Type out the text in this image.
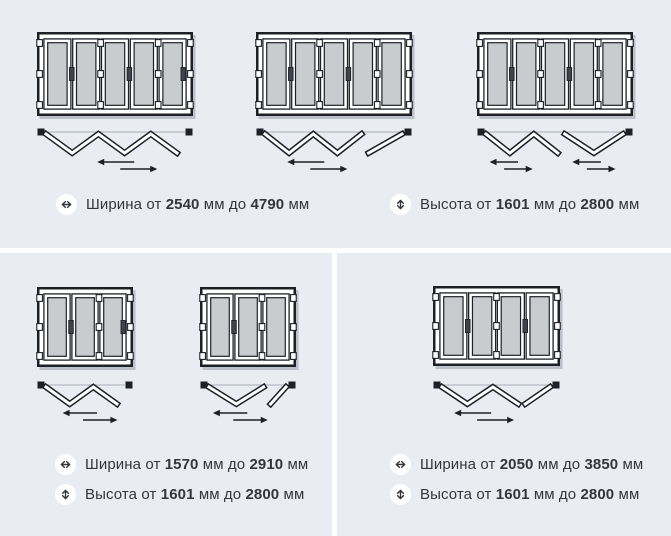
Ширина от 2540 мм до 4790 мм	Высота от 1601 мм до 2800 мм
Ширина от 1570 мм до 2910 мм
Высота от 1601 мм до 2800 мм
Ширина от 2050 мм до 3850 мм
Высота от 1601 мм до 2800 мм
